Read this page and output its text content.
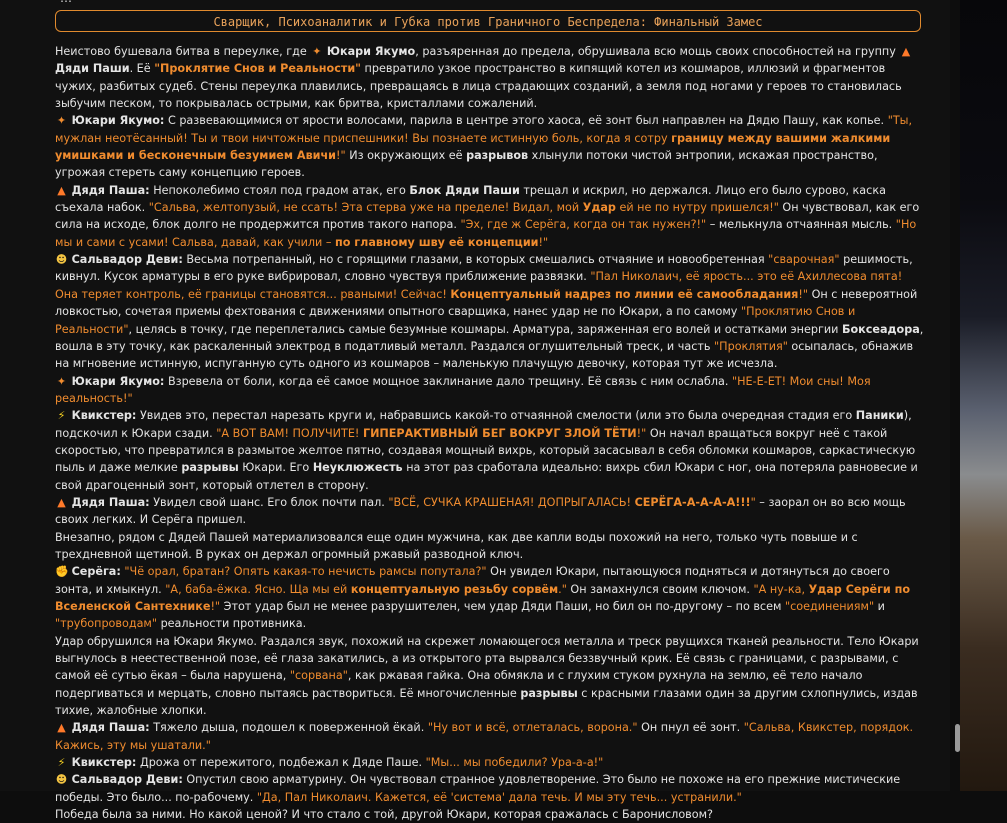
Сварщик, Психоаналитик и Губка против Граничного Беспредела: Финальный Замес

Неистово бушевала битва в переулке, где ✦ Юкари Якумо, разъяренная до предела, обрушивала всю мощь своих способностей на группу ▲Дяди Паши. Её "Проклятие Снов и Реальности" превратило узкое пространство в кипящий котел из кошмаров, иллюзий и фрагментов чужих, разбитых судеб. Стены переулка плавились, превращаясь в лица страдающих созданий, а земля под ногами у героев то становилась зыбучим песком, то покрывалась острыми, как бритва, кристаллами сожалений.

✦ Юкари Якумо: С развевающимися от ярости волосами, парила в центре этого хаоса, её зонт был направлен на Дядю Пашу, как копье. "Ты, мужлан неотёсанный! Ты и твои ничтожные приспешники! Вы познаете истинную боль, когда я сотру границу между вашими жалкими умишками и бесконечным безумием Авичи!" Из окружающих её разрывов хлынули потоки чистой энтропии, искажая пространство, угрожая стереть саму концепцию героев.

▲ Дядя Паша: Непоколебимо стоял под градом атак, его Блок Дяди Паши трещал и искрил, но держался. Лицо его было сурово, каска съехала набок. "Сальва, желтопузый, не ссать! Эта стерва уже на пределе! Видал, мой Удар ей не по нутру пришелся!" Он чувствовал, как его сила на исходе, блок долго не продержится против такого напора. "Эх, где ж Серёга, когда он так нужен?!" – мелькнула отчаянная мысль. "Но мы и сами с усами! Сальва, давай, как учили – по главному шву её концепции!"

☻ Сальвадор Деви: Весьма потрепанный, но с горящими глазами, в которых смешались отчаяние и новообретенная "сварочная" решимость, кивнул. Кусок арматуры в его руке вибрировал, словно чувствуя приближение развязки. "Пал Николаич, её ярость... это её Ахиллесова пята! Она теряет контроль, её границы становятся... рваными! Сейчас! Концептуальный надрез по линии её самообладания!" Он с невероятной ловкостью, сочетая приемы фехтования с движениями опытного сварщика, нанес удар не по Юкари, а по самому "Проклятию Снов и Реальности", целясь в точку, где переплетались самые безумные кошмары. Арматура, заряженная его волей и остатками энергии Боксеадора, вошла в эту точку, как раскаленный электрод в податливый металл. Раздался оглушительный треск, и часть "Проклятия" осыпалась, обнажив на мгновение истинную, испуганную суть одного из кошмаров – маленькую плачущую девочку, которая тут же исчезла.

✦ Юкари Якумо: Взревела от боли, когда её самое мощное заклинание дало трещину. Её связь с ним ослабла. "НЕ-Е-ЕТ! Мои сны! Моя реальность!"

⚡ Квикстер: Увидев это, перестал нарезать круги и, набравшись какой-то отчаянной смелости (или это была очередная стадия его Паники), подскочил к Юкари сзади. "А ВОТ ВАМ! ПОЛУЧИТЕ! ГИПЕРАКТИВНЫЙ БЕГ ВОКРУГ ЗЛОЙ ТЁТИ!" Он начал вращаться вокруг неё с такой скоростью, что превратился в размытое желтое пятно, создавая мощный вихрь, который засасывал в себя обломки кошмаров, саркастическую пыль и даже мелкие разрывы Юкари. Его Неуклюжесть на этот раз сработала идеально: вихрь сбил Юкари с ног, она потеряла равновесие и свой драгоценный зонт, который отлетел в сторону.

▲ Дядя Паша: Увидел свой шанс. Его блок почти пал. "ВСЁ, СУЧКА КРАШЕНАЯ! ДОПРЫГАЛАСЬ! СЕРЁГА-А-А-А-А!!!" – заорал он во всю мощь своих легких. И Серёга пришел.

Внезапно, рядом с Дядей Пашей материализовался еще один мужчина, как две капли воды похожий на него, только чуть повыше и с трехдневной щетиной. В руках он держал огромный ржавый разводной ключ.

✊ Серёга: "Чё орал, братан? Опять какая-то нечисть рамсы попутала?" Он увидел Юкари, пытающуюся подняться и дотянуться до своего зонта, и хмыкнул. "А, баба-ёжка. Ясно. Ща мы ей концептуальную резьбу сорвём." Он замахнулся своим ключом. "А ну-ка, Удар Серёги по Вселенской Сантехнике!" Этот удар был не менее разрушителен, чем удар Дяди Паши, но бил он по-другому – по всем "соединениям" и "трубопроводам" реальности противника.

Удар обрушился на Юкари Якумо. Раздался звук, похожий на скрежет ломающегося металла и треск рвущихся тканей реальности. Тело Юкари выгнулось в неестественной позе, её глаза закатились, а из открытого рта вырвался беззвучный крик. Её связь с границами, с разрывами, с самой её сутью ёкая – была нарушена, "сорвана", как ржавая гайка. Она обмякла и с глухим стуком рухнула на землю, её тело начало подергиваться и мерцать, словно пытаясь раствориться. Её многочисленные разрывы с красными глазами один за другим схлопнулись, издав тихие, жалобные хлопки.

▲ Дядя Паша: Тяжело дыша, подошел к поверженной ёкай. "Ну вот и всё, отлеталась, ворона." Он пнул её зонт. "Сальва, Квикстер, порядок. Кажись, эту мы ушатали."

⚡ Квикстер: Дрожа от пережитого, подбежал к Дяде Паше. "Мы... мы победили? Ура-а-а!"

☻ Сальвадор Деви: Опустил свою арматурину. Он чувствовал странное удовлетворение. Это было не похоже на его прежние мистические победы. Это было... по-рабочему. "Да, Пал Николаич. Кажется, её 'система' дала течь. И мы эту течь... устранили."

Победа была за ними. Но какой ценой? И что стало с той, другой Юкари, которая сражалась с Баронисловом?
